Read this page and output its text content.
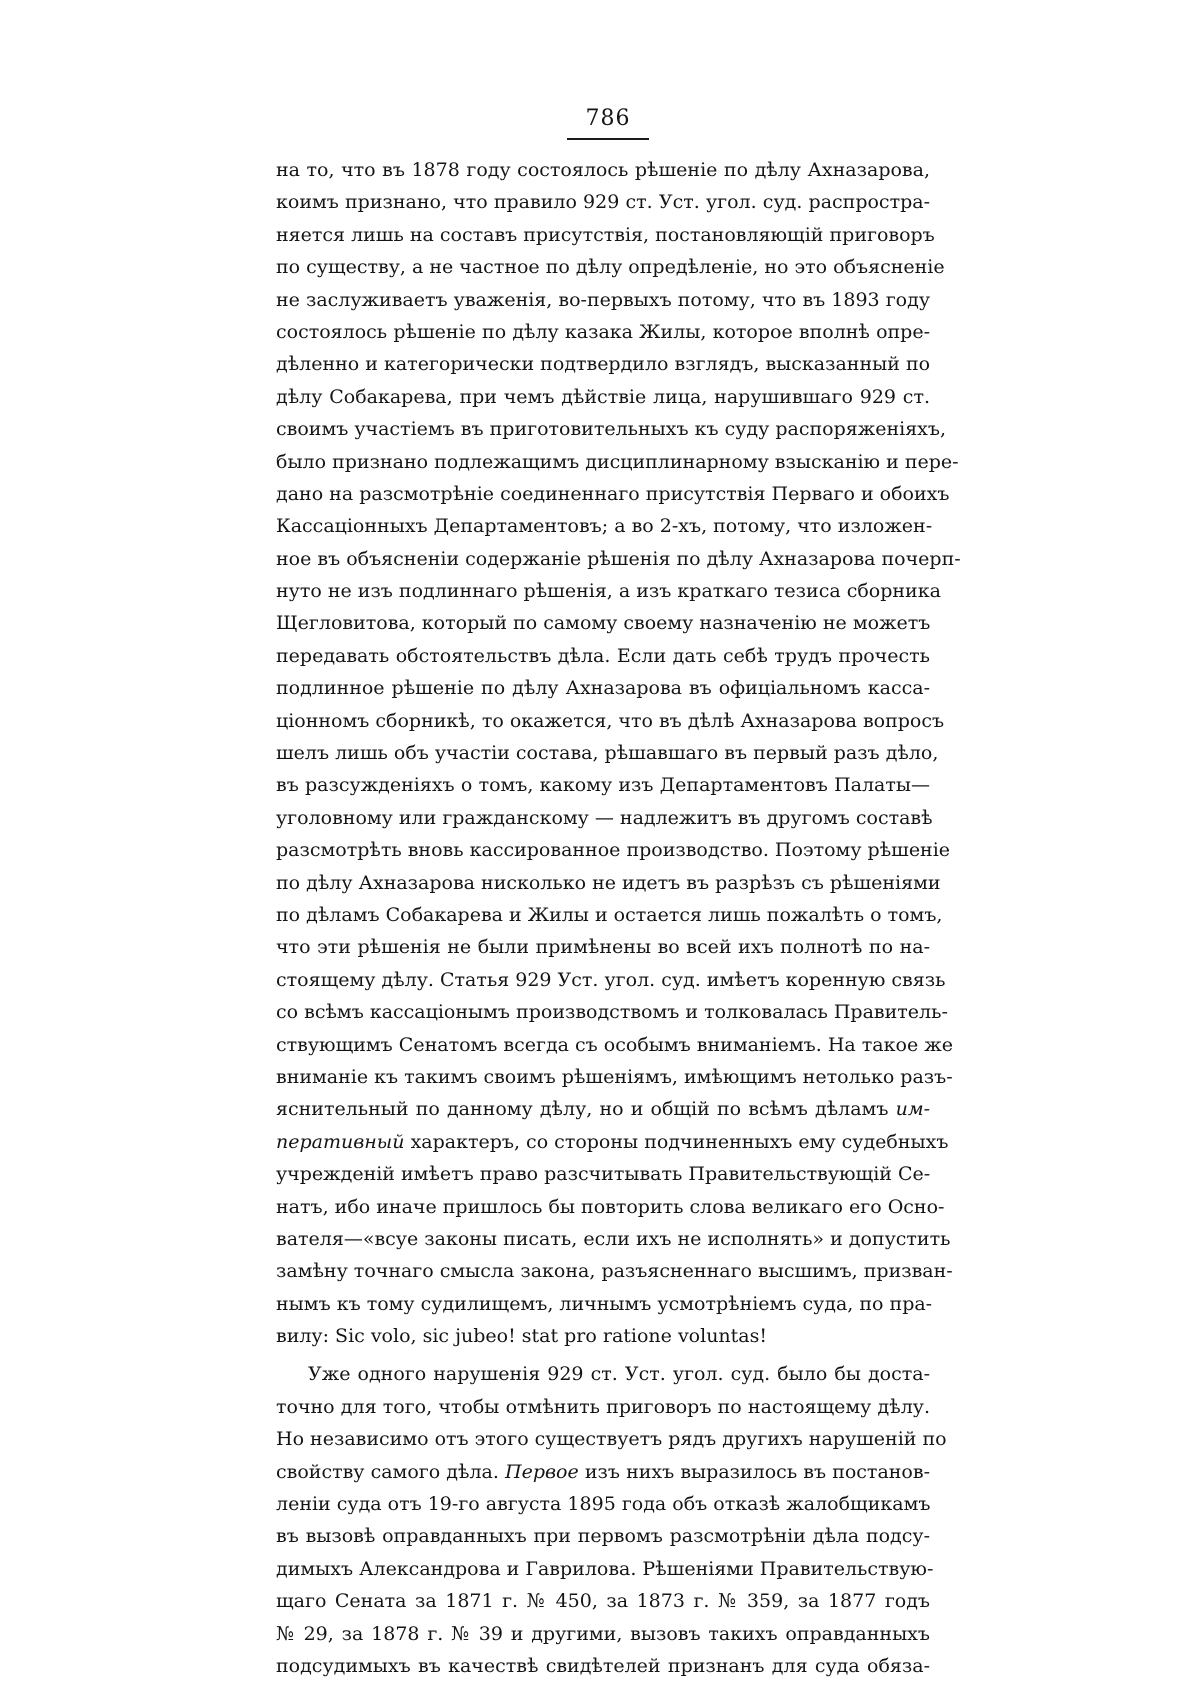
786
на то, что въ 1878 году состоялось рѣшеніе по дѣлу Ахназарова,
коимъ признано, что правило 929 ст. Уст. угол. суд. распростра-
няется лишь на составъ присутствія, постановляющій приговоръ
по существу, а не частное по дѣлу опредѣленіе, но это объясненіе
не заслуживаетъ уваженія, во-первыхъ потому, что въ 1893 году
состоялось рѣшеніе по дѣлу казака Жилы, которое вполнѣ опре-
дѣленно и категорически подтвердило взглядъ, высказанный по
дѣлу Собакарева, при чемъ дѣйствіе лица, нарушившаго 929 ст.
своимъ участіемъ въ приготовительныхъ къ суду распоряженіяхъ,
было признано подлежащимъ дисциплинарному взысканію и пере-
дано на разсмотрѣніе соединеннаго присутствія Перваго и обоихъ
Кассаціонныхъ Департаментовъ; а во 2-хъ, потому, что изложен-
ное въ объясненіи содержаніе рѣшенія по дѣлу Ахназарова почерп-
нуто не изъ подлиннаго рѣшенія, а изъ краткаго тезиса сборника
Щегловитова, который по самому своему назначенію не можетъ
передавать обстоятельствъ дѣла. Если дать себѣ трудъ прочесть
подлинное рѣшеніе по дѣлу Ахназарова въ офиціальномъ касса-
ціонномъ сборникѣ, то окажется, что въ дѣлѣ Ахназарова вопросъ
шелъ лишь объ участіи состава, рѣшавшаго въ первый разъ дѣло,
въ разсужденіяхъ о томъ, какому изъ Департаментовъ Палаты—
уголовному или гражданскому — надлежитъ въ другомъ составѣ
разсмотрѣть вновь кассированное производство. Поэтому рѣшеніе
по дѣлу Ахназарова нисколько не идетъ въ разрѣзъ съ рѣшеніями
по дѣламъ Собакарева и Жилы и остается лишь пожалѣть о томъ,
что эти рѣшенія не были примѣнены во всей ихъ полнотѣ по на-
стоящему дѣлу. Статья 929 Уст. угол. суд. имѣетъ коренную связь
со всѣмъ кассаціонымъ производствомъ и толковалась Правитель-
ствующимъ Сенатомъ всегда съ особымъ вниманіемъ. На такое же
вниманіе къ такимъ своимъ рѣшеніямъ, имѣющимъ нетолько разъ-
яснительный по данному дѣлу, но и общій по всѣмъ дѣламъ им-
перативный характеръ, со стороны подчиненныхъ ему судебныхъ
учрежденій имѣетъ право разсчитывать Правительствующій Се-
натъ, ибо иначе пришлось бы повторить слова великаго его Осно-
вателя—«всуе законы писать, если ихъ не исполнять» и допустить
замѣну точнаго смысла закона, разъясненнаго высшимъ, призван-
нымъ къ тому судилищемъ, личнымъ усмотрѣніемъ суда, по пра-
вилу: Sic volo, sic jubeo! stat pro ratione voluntas!
Уже одного нарушенія 929 ст. Уст. угол. суд. было бы доста-
точно для того, чтобы отмѣнить приговоръ по настоящему дѣлу.
Но независимо отъ этого существуетъ рядъ другихъ нарушеній по
свойству самого дѣла. Первое изъ нихъ выразилось въ постанов-
леніи суда отъ 19-го августа 1895 года объ отказѣ жалобщикамъ
въ вызовѣ оправданныхъ при первомъ разсмотрѣніи дѣла подсу-
димыхъ Александрова и Гаврилова. Рѣшеніями Правительствую-
щаго Сената за 1871 г. № 450, за 1873 г. № 359, за 1877 годъ
№ 29, за 1878 г. № 39 и другими, вызовъ такихъ оправданныхъ
подсудимыхъ въ качествѣ свидѣтелей признанъ для суда обяза-
